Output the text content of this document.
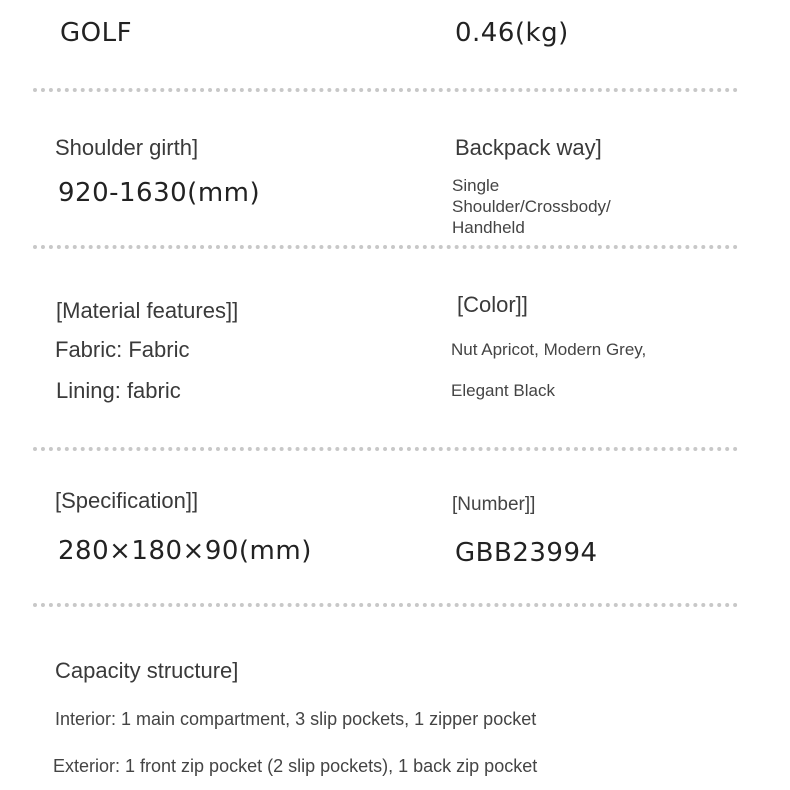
GOLF	0.46(kg)

Shoulder girth]

920-1630(mm)

Backpack way]

Single

Shoulder/Crossbody/

Handheld

[Material features]]

Fabric: Fabric

Lining: fabric

[Color]]

Nut Apricot, Modern Grey,

Elegant Black

[Specification]]

280×180×90(mm)

[Number]]

GBB23994

Capacity structure]

Interior: 1 main compartment, 3 slip pockets, 1 zipper pocket

Exterior: 1 front zip pocket (2 slip pockets), 1 back zip pocket
